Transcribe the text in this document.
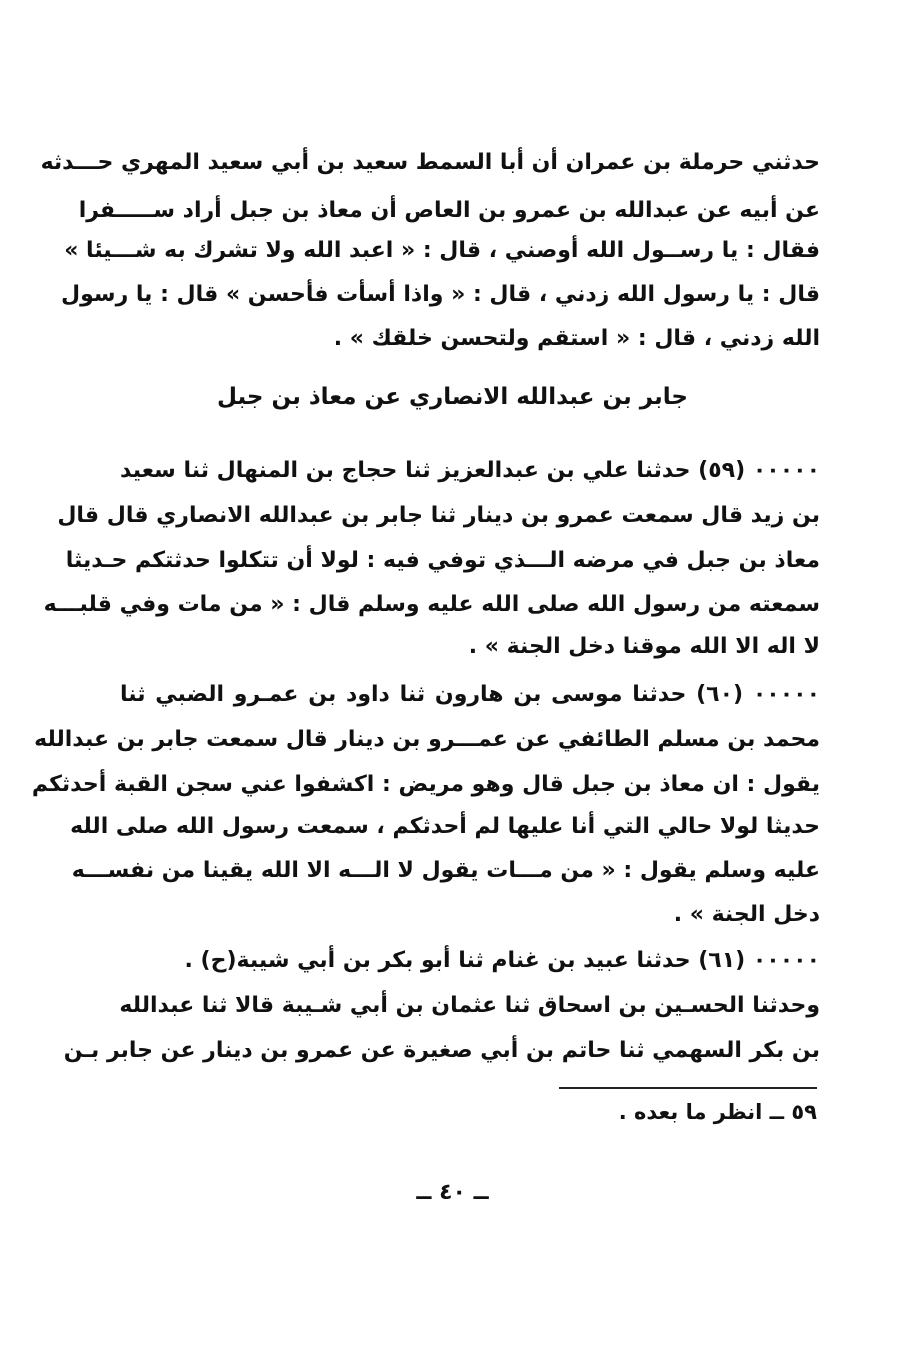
حدثني حرملة بن عمران أن أبا السمط سعيد بن أبي سعيد المهري حـــدثه
عن أبيه عن عبدالله بن عمرو بن العاص أن معاذ بن جبل أراد ســـــفرا
فقال : يا رســول الله أوصني ، قال : « اعبد الله ولا تشرك به شـــيئا »
قال : يا رسول الله زدني ، قال : « واذا أسأت فأحسن » قال : يا رسول
الله زدني ، قال : « استقم ولتحسن خلقك » .
جابر بن عبدالله الانصاري عن معاذ بن جبل
٠٠٠٠٠ (٥٩) حدثنا علي بن عبدالعزيز ثنا حجاج بن المنهال ثنا سعيد
بن زيد قال سمعت عمرو بن دينار ثنا جابر بن عبدالله الانصاري قال قال
معاذ بن جبل في مرضه الـــذي توفي فيه : لولا أن تتكلوا حدثتكم حـديثا
سمعته من رسول الله صلى الله عليه وسلم قال : « من مات وفي قلبـــه
لا اله الا الله موقنا دخل الجنة » .
٠٠٠٠٠ (٦٠) حدثنا موسى بن هارون ثنا داود بن عمـرو الضبي ثنا
محمد بن مسلم الطائفي عن عمـــرو بن دينار قال سمعت جابر بن عبدالله
يقول : ان معاذ بن جبل قال وهو مريض : اكشفوا عني سجن القبة أحدثكم
حديثا لولا حالي التي أنا عليها لم أحدثكم ، سمعت رسول الله صلى الله
عليه وسلم يقول : « من مـــات يقول لا الـــه الا الله يقينا من نفســـه
دخل الجنة » .
٠٠٠٠٠ (٦١) حدثنا عبيد بن غنام ثنا أبو بكر بن أبي شيبة(ح) .
وحدثنا الحسـين بن اسحاق ثنا عثمان بن أبي شـيبة قالا ثنا عبدالله
بن بكر السهمي ثنا حاتم بن أبي صغيرة عن عمرو بن دينار عن جابر بـن
٥٩ ــ انظر ما بعده .
ــ ٤٠ ــ
